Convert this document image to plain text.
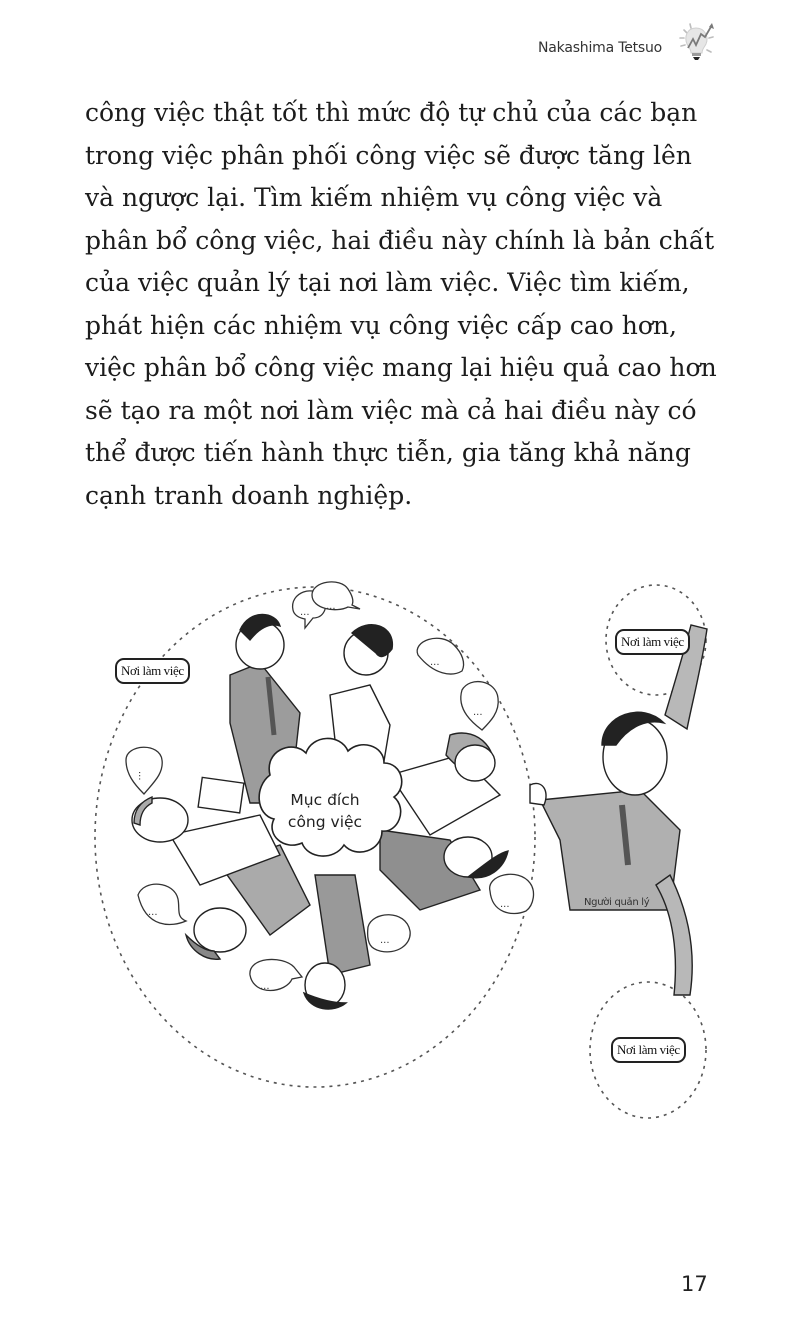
Nakashima Tetsuo

công việc thật tốt thì mức độ tự chủ của các bạn

trong việc phân phối công việc sẽ được tăng lên

và ngược lại. Tìm kiếm nhiệm vụ công việc và

phân bổ công việc, hai điều này chính là bản chất

của việc quản lý tại nơi làm việc. Việc tìm kiếm,

phát hiện các nhiệm vụ công việc cấp cao hơn,

việc phân bổ công việc mang lại hiệu quả cao hơn

sẽ tạo ra một nơi làm việc mà cả hai điều này có

thể được tiến hành thực tiễn, gia tăng khả năng

cạnh tranh doanh nghiệp.

...
...
...
...
...
...
...
...
...
Nơi làm việc
Mục đích
công việc
Nơi làm việc
Nơi làm việc
Người quản lý
17
